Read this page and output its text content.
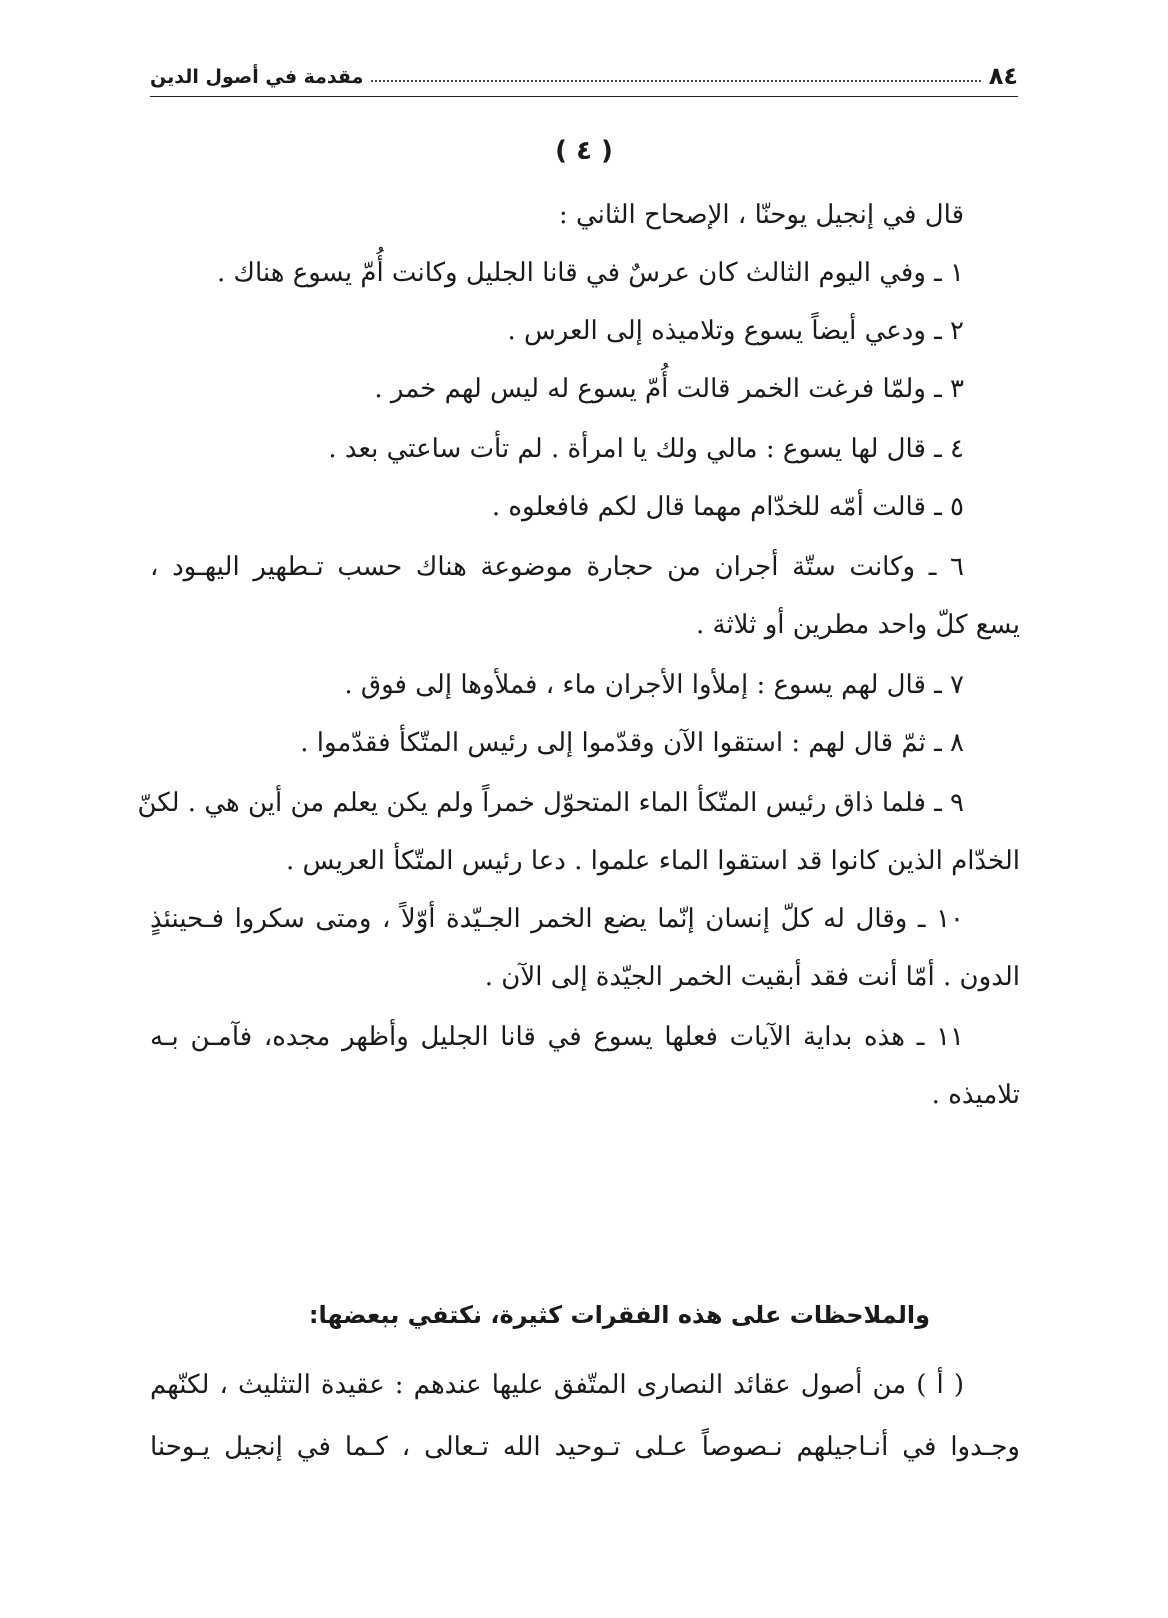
٨٤
مقدمة في أصول الدين
( ٤ )
قال في إنجيل يوحنّا ، الإصحاح الثاني :
١ ـ وفي اليوم الثالث كان عرسٌ في قانا الجليل وكانت أُمّ يسوع هناك .
٢ ـ ودعي أيضاً يسوع وتلاميذه إلى العرس .
٣ ـ ولمّا فرغت الخمر قالت أُمّ يسوع له ليس لهم خمر .
٤ ـ قال لها يسوع : مالي ولك يا امرأة . لم تأت ساعتي بعد .
٥ ـ قالت أمّه للخدّام مهما قال لكم فافعلوه .
٦ ـ وكانت ستّة أجران من حجارة موضوعة هناك حسب تـطهير اليهـود ،
يسع كلّ واحد مطرين أو ثلاثة .
٧ ـ قال لهم يسوع : إملأوا الأجران ماء ، فملأوها إلى فوق .
٨ ـ ثمّ قال لهم : استقوا الآن وقدّموا إلى رئيس المتّكأ فقدّموا .
٩ ـ فلما ذاق رئيس المتّكأ الماء المتحوّل خمراً ولم يكن يعلم من أين هي . لكنّ
الخدّام الذين كانوا قد استقوا الماء علموا . دعا رئيس المتّكأ العريس .
١٠ ـ وقال له كلّ إنسان إنّما يضع الخمر الجـيّدة أوّلاً ، ومتى سكروا فـحينئذٍ
الدون . أمّا أنت فقد أبقيت الخمر الجيّدة إلى الآن .
١١ ـ هذه بداية الآيات فعلها يسوع في قانا الجليل وأظهر مجده، فآمـن بـه
تلاميذه .
والملاحظات على هذه الفقرات كثيرة، نكتفي ببعضها:
( أ ) من أصول عقائد النصارى المتّفق عليها عندهم : عقيدة التثليث ، لكنّهم
وجـدوا في أنـاجيلهم نـصوصاً عـلى تـوحيد الله تـعالى ، كـما في إنجيل يـوحنا
